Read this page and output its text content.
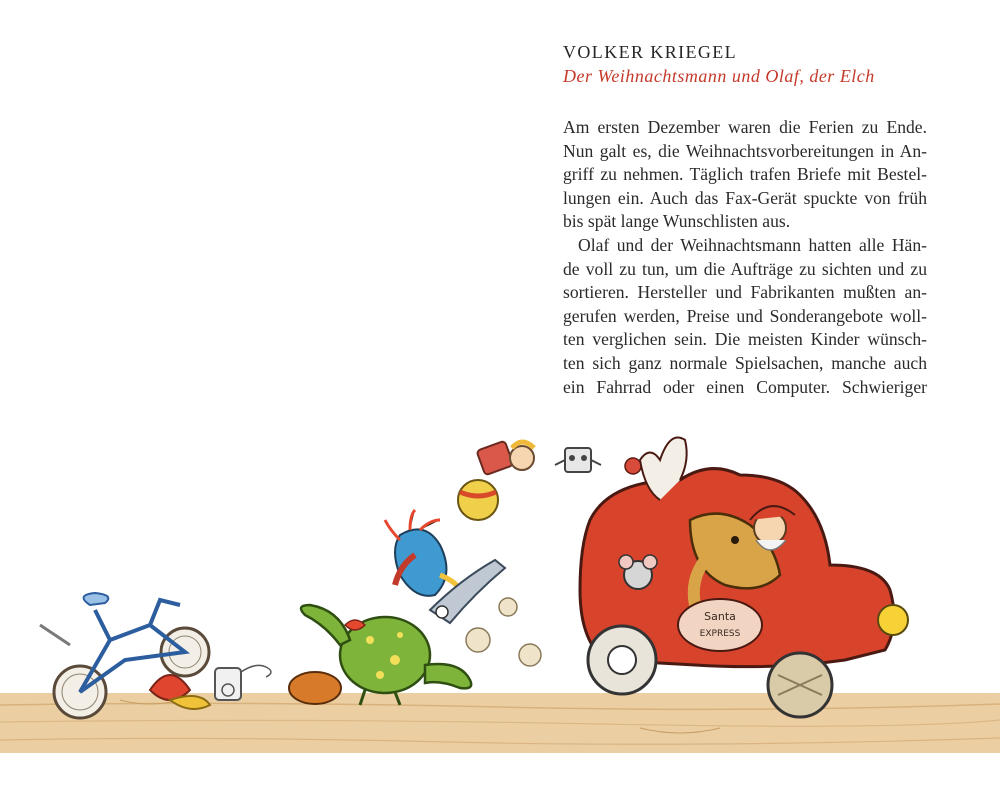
VOLKER KRIEGEL
Der Weihnachtsmann und Olaf, der Elch

Am ersten Dezember waren die Ferien zu Ende.
Nun galt es, die Weihnachtsvorbereitungen in An-
griff zu nehmen. Täglich trafen Briefe mit Bestel-
lungen ein. Auch das Fax-Gerät spuckte von früh
bis spät lange Wunschlisten aus.

Olaf und der Weihnachtsmann hatten alle Hän-
de voll zu tun, um die Aufträge zu sichten und zu
sortieren. Hersteller und Fabrikanten mußten an-
gerufen werden, Preise und Sonderangebote woll-
ten verglichen sein. Die meisten Kinder wünsch-
ten sich ganz normale Spielsachen, manche auch
ein Fahrrad oder einen Computer. Schwieriger

Santa
EXPRESS
